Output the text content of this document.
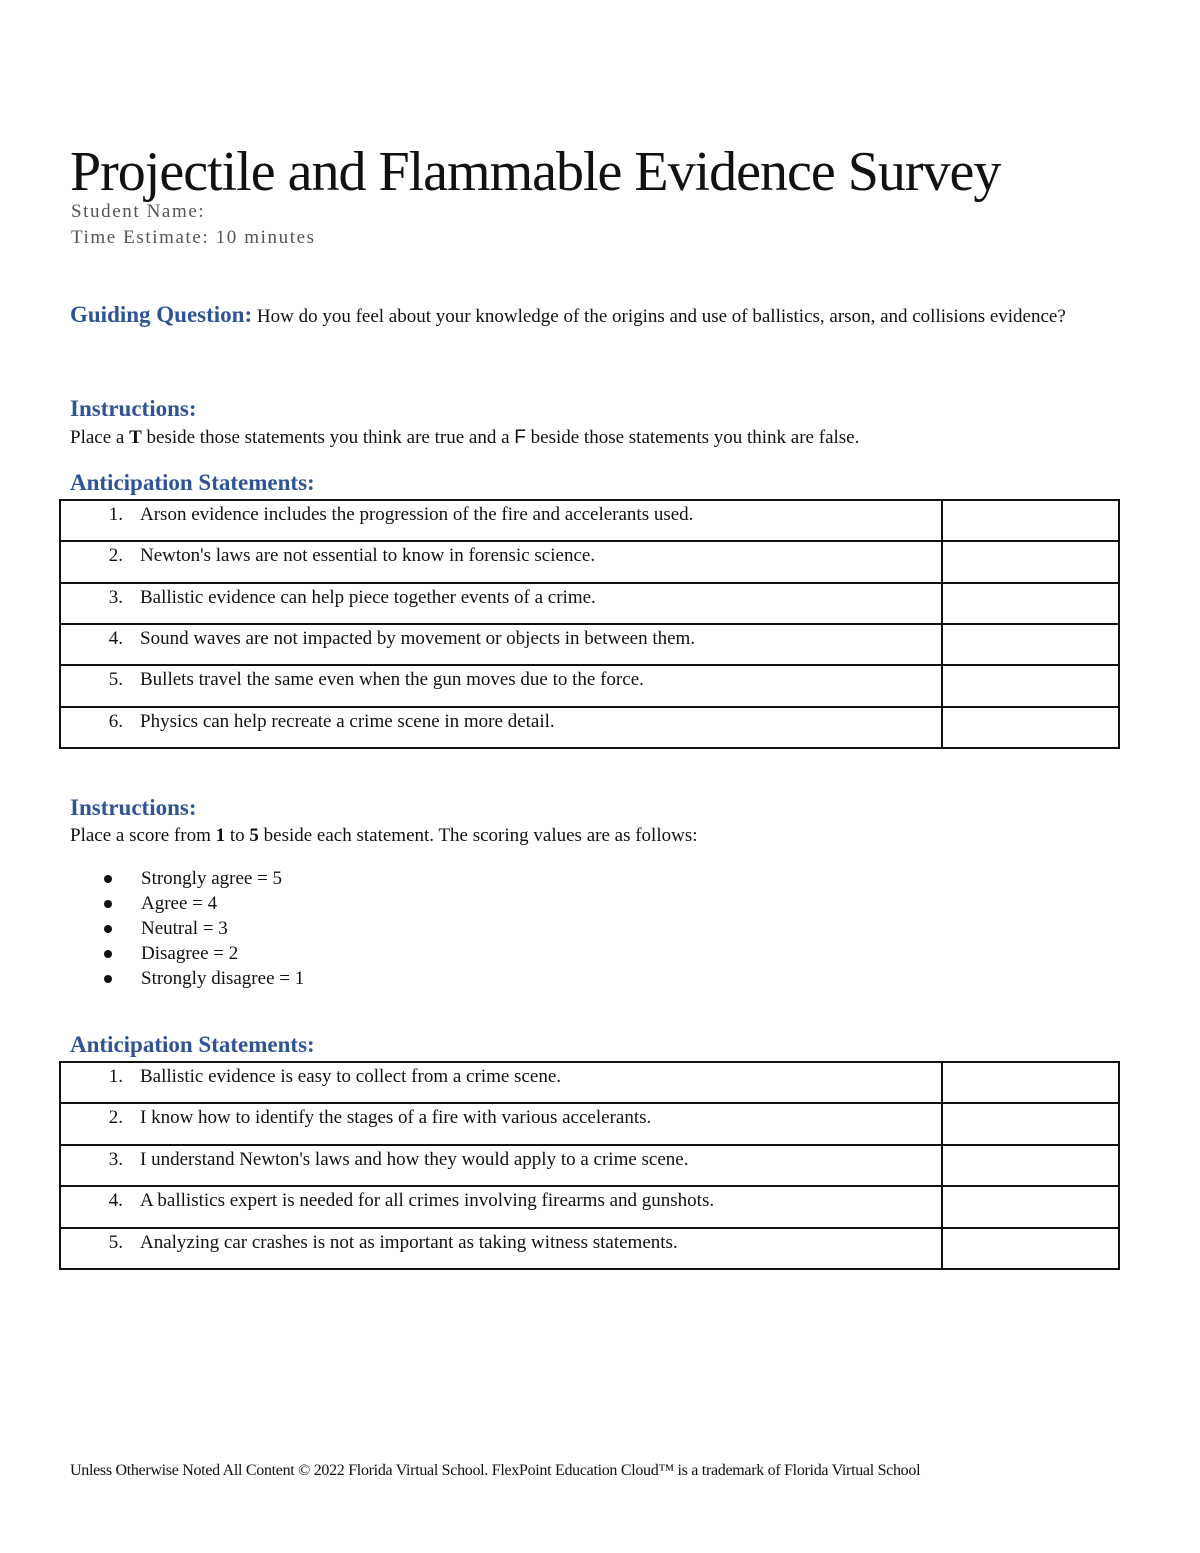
Projectile and Flammable Evidence Survey
Student Name:
Time Estimate: 10 minutes
Guiding Question: How do you feel about your knowledge of the origins and use of ballistics, arson, and collisions evidence?
Instructions:
Place a T beside those statements you think are true and a F beside those statements you think are false.
Anticipation Statements:
1. Arson evidence includes the progression of the fire and accelerants used.	
2. Newton's laws are not essential to know in forensic science.	
3. Ballistic evidence can help piece together events of a crime.	
4. Sound waves are not impacted by movement or objects in between them.	
5. Bullets travel the same even when the gun moves due to the force.	
6. Physics can help recreate a crime scene in more detail.	
Instructions:
Place a score from 1 to 5 beside each statement. The scoring values are as follows:
Strongly agree = 5
Agree = 4
Neutral = 3
Disagree = 2
Strongly disagree = 1
Anticipation Statements:
1. Ballistic evidence is easy to collect from a crime scene.	
2. I know how to identify the stages of a fire with various accelerants.	
3. I understand Newton's laws and how they would apply to a crime scene.	
4. A ballistics expert is needed for all crimes involving firearms and gunshots.	
5. Analyzing car crashes is not as important as taking witness statements.	
Unless Otherwise Noted All Content © 2022 Florida Virtual School. FlexPoint Education Cloud™ is a trademark of Florida Virtual School
